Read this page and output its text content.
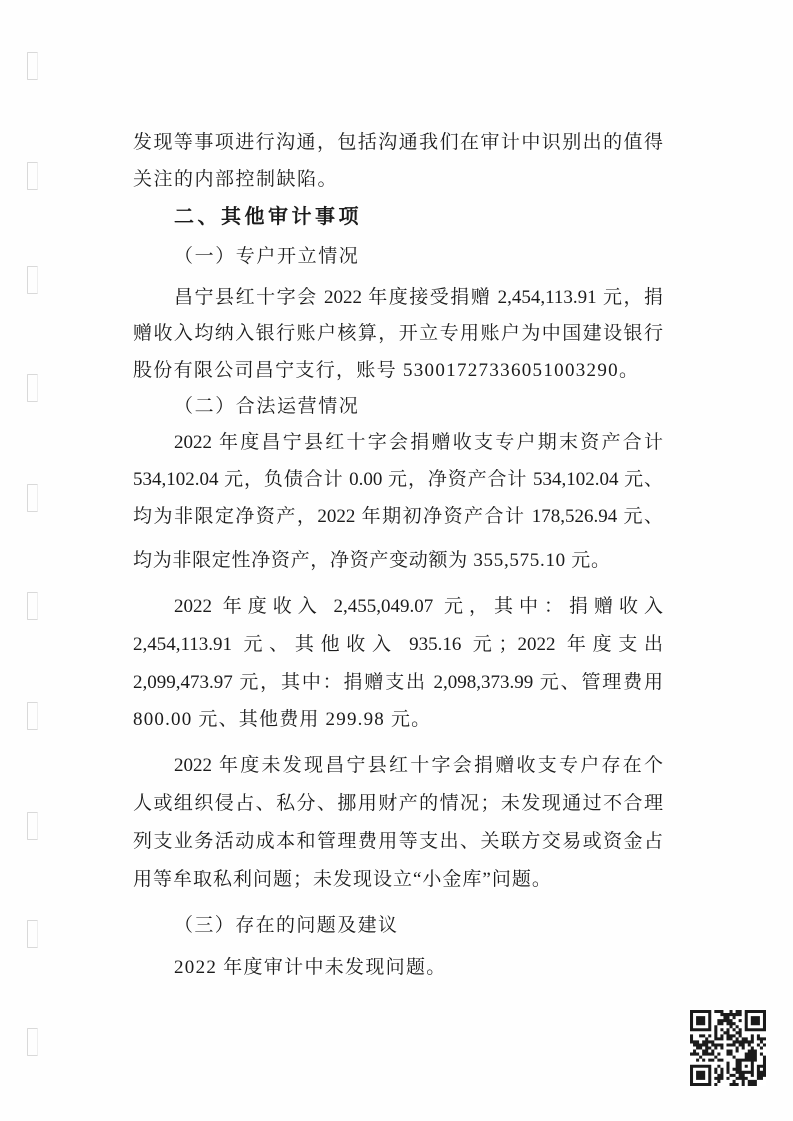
发现等事项进行沟通，包括沟通我们在审计中识别出的值得
关注的内部控制缺陷。
二、其他审计事项
（一）专户开立情况
昌宁县红十字会 2022 年度接受捐赠 2,454,113.91 元，捐
赠收入均纳入银行账户核算，开立专用账户为中国建设银行
股份有限公司昌宁支行，账号 53001727336051003290。
（二）合法运营情况
2022 年度昌宁县红十字会捐赠收支专户期末资产合计
534,102.04 元，负债合计 0.00 元，净资产合计 534,102.04 元、
均为非限定净资产，2022 年期初净资产合计 178,526.94 元、
均为非限定性净资产，净资产变动额为 355,575.10 元。
2022 年度收入 2,455,049.07 元，其中：捐赠收入
2,454,113.91 元、其他收入 935.16 元；2022 年度支出
2,099,473.97 元，其中：捐赠支出 2,098,373.99 元、管理费用
800.00 元、其他费用 299.98 元。
2022 年度未发现昌宁县红十字会捐赠收支专户存在个
人或组织侵占、私分、挪用财产的情况；未发现通过不合理
列支业务活动成本和管理费用等支出、关联方交易或资金占
用等牟取私利问题；未发现设立“小金库”问题。
（三）存在的问题及建议
2022 年度审计中未发现问题。
